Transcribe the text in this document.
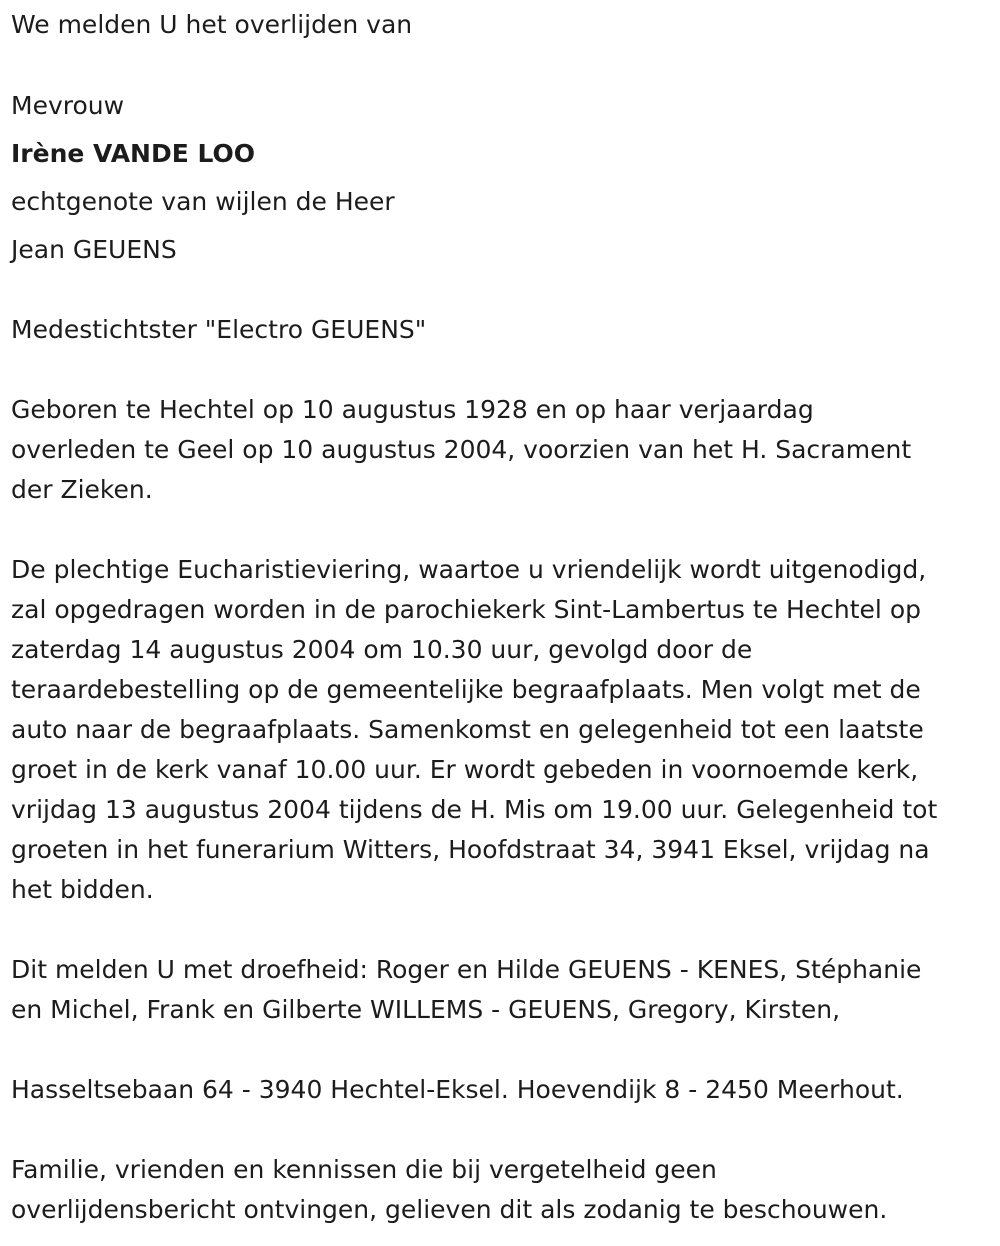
We melden U het overlijden van
Mevrouw
Irène VANDE LOO
echtgenote van wijlen de Heer
Jean GEUENS
Medestichtster "Electro GEUENS"
Geboren te Hechtel op 10 augustus 1928 en op haar verjaardag
overleden te Geel op 10 augustus 2004, voorzien van het H. Sacrament
der Zieken.
De plechtige Eucharistieviering, waartoe u vriendelijk wordt uitgenodigd,
zal opgedragen worden in de parochiekerk Sint-Lambertus te Hechtel op
zaterdag 14 augustus 2004 om 10.30 uur, gevolgd door de
teraardebestelling op de gemeentelijke begraafplaats. Men volgt met de
auto naar de begraafplaats. Samenkomst en gelegenheid tot een laatste
groet in de kerk vanaf 10.00 uur. Er wordt gebeden in voornoemde kerk,
vrijdag 13 augustus 2004 tijdens de H. Mis om 19.00 uur. Gelegenheid tot
groeten in het funerarium Witters, Hoofdstraat 34, 3941 Eksel, vrijdag na
het bidden.
Dit melden U met droefheid: Roger en Hilde GEUENS - KENES, Stéphanie
en Michel, Frank en Gilberte WILLEMS - GEUENS, Gregory, Kirsten,
Hasseltsebaan 64 - 3940 Hechtel-Eksel. Hoevendijk 8 - 2450 Meerhout.
Familie, vrienden en kennissen die bij vergetelheid geen
overlijdensbericht ontvingen, gelieven dit als zodanig te beschouwen.
